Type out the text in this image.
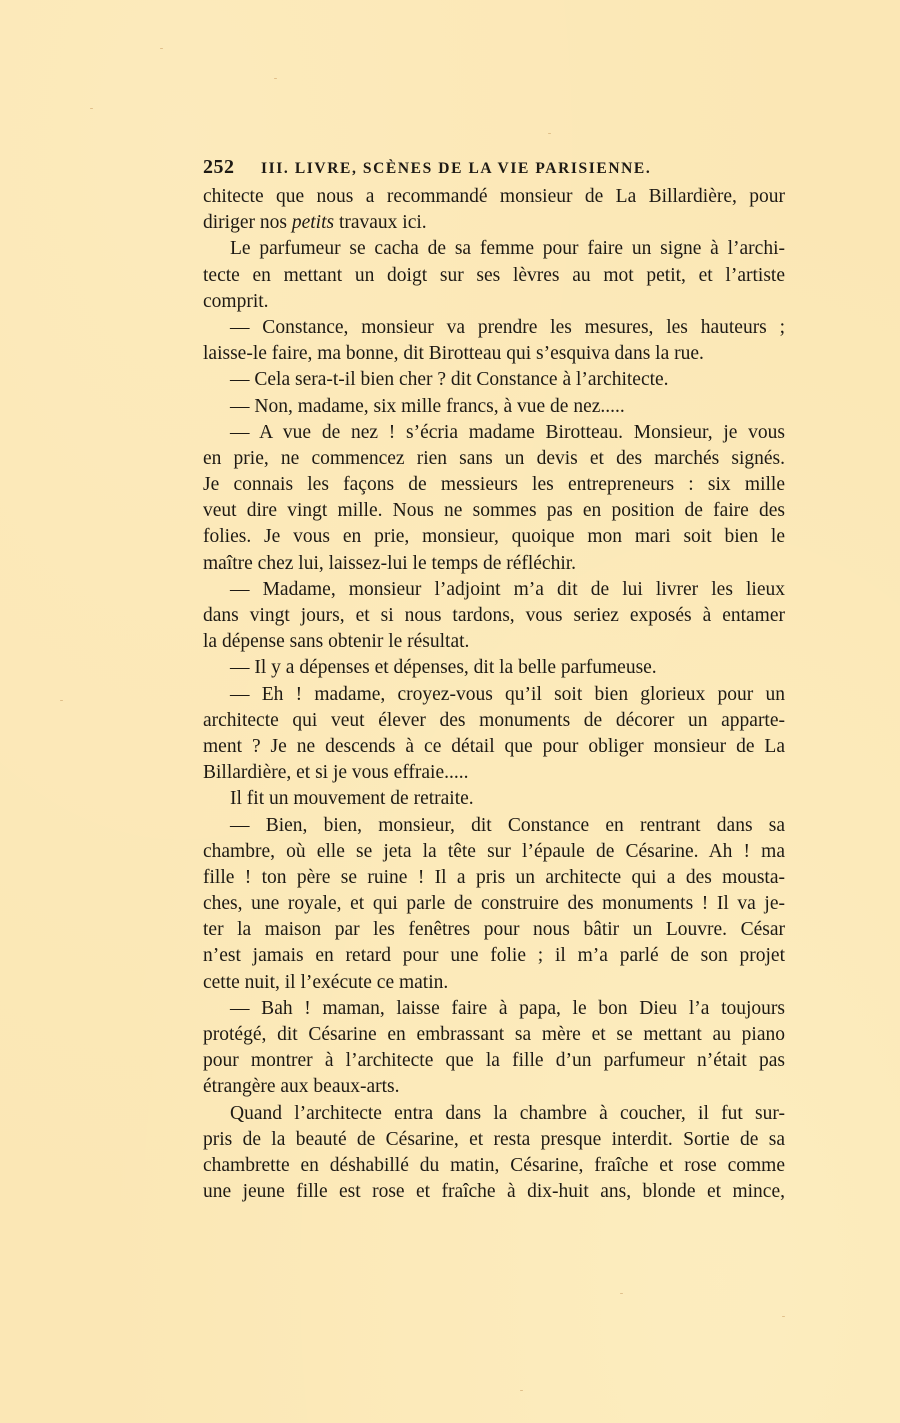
252 III. LIVRE, SCÈNES DE LA VIE PARISIENNE.
chitecte que nous a recommandé monsieur de La Billardière, pour
diriger nos petits travaux ici.
Le parfumeur se cacha de sa femme pour faire un signe à l’archi-
tecte en mettant un doigt sur ses lèvres au mot petit, et l’artiste
comprit.
— Constance, monsieur va prendre les mesures, les hauteurs ;
laisse-le faire, ma bonne, dit Birotteau qui s’esquiva dans la rue.
— Cela sera-t-il bien cher ? dit Constance à l’architecte.
— Non, madame, six mille francs, à vue de nez.....
— A vue de nez ! s’écria madame Birotteau. Monsieur, je vous
en prie, ne commencez rien sans un devis et des marchés signés.
Je connais les façons de messieurs les entrepreneurs : six mille
veut dire vingt mille. Nous ne sommes pas en position de faire des
folies. Je vous en prie, monsieur, quoique mon mari soit bien le
maître chez lui, laissez-lui le temps de réfléchir.
— Madame, monsieur l’adjoint m’a dit de lui livrer les lieux
dans vingt jours, et si nous tardons, vous seriez exposés à entamer
la dépense sans obtenir le résultat.
— Il y a dépenses et dépenses, dit la belle parfumeuse.
— Eh ! madame, croyez-vous qu’il soit bien glorieux pour un
architecte qui veut élever des monuments de décorer un apparte-
ment ? Je ne descends à ce détail que pour obliger monsieur de La
Billardière, et si je vous effraie.....
Il fit un mouvement de retraite.
— Bien, bien, monsieur, dit Constance en rentrant dans sa
chambre, où elle se jeta la tête sur l’épaule de Césarine. Ah ! ma
fille ! ton père se ruine ! Il a pris un architecte qui a des mousta-
ches, une royale, et qui parle de construire des monuments ! Il va je-
ter la maison par les fenêtres pour nous bâtir un Louvre. César
n’est jamais en retard pour une folie ; il m’a parlé de son projet
cette nuit, il l’exécute ce matin.
— Bah ! maman, laisse faire à papa, le bon Dieu l’a toujours
protégé, dit Césarine en embrassant sa mère et se mettant au piano
pour montrer à l’architecte que la fille d’un parfumeur n’était pas
étrangère aux beaux-arts.
Quand l’architecte entra dans la chambre à coucher, il fut sur-
pris de la beauté de Césarine, et resta presque interdit. Sortie de sa
chambrette en déshabillé du matin, Césarine, fraîche et rose comme
une jeune fille est rose et fraîche à dix-huit ans, blonde et mince,
